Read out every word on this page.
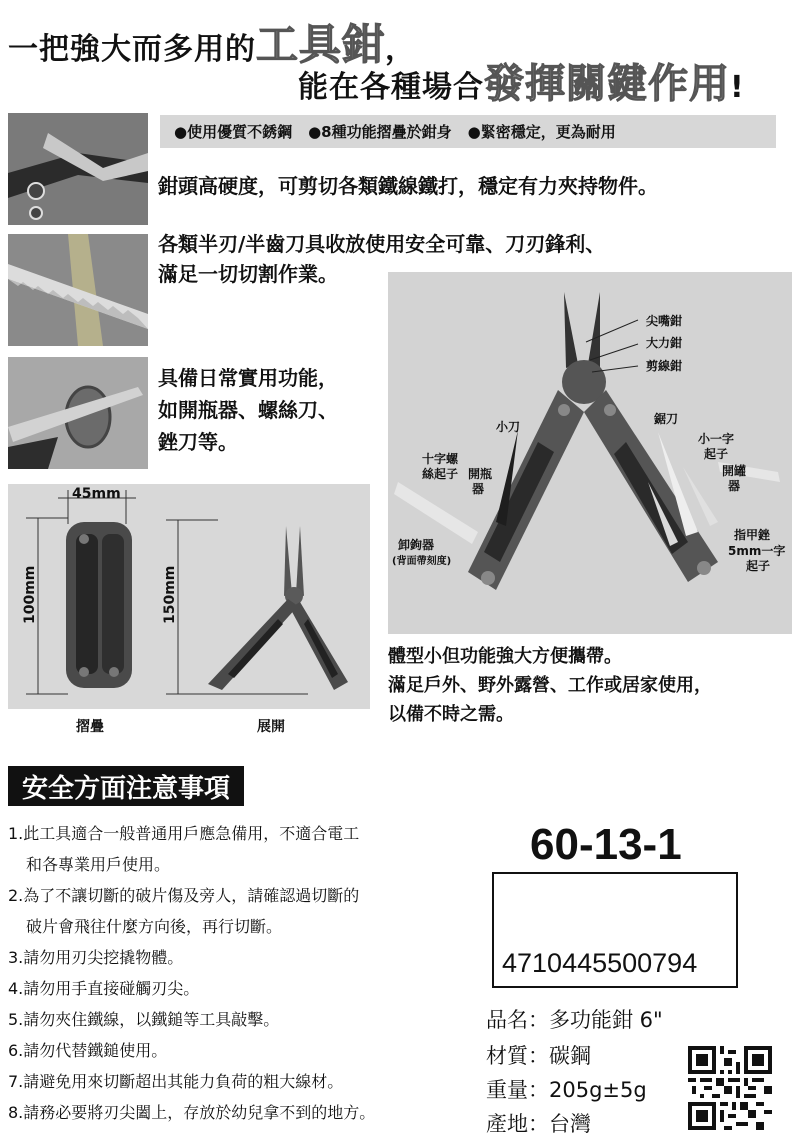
一把強大而多用的工具鉗，
能在各種場合發揮關鍵作用!
●使用優質不銹鋼 ●8種功能摺疊於鉗身 ●緊密穩定，更為耐用
鉗頭高硬度，可剪切各類鐵線鐵打，穩定有力夾持物件。
各類半刃/半齒刀具收放使用安全可靠、刀刃鋒利、
滿足一切切割作業。
具備日常實用功能，
如開瓶器、螺絲刀、
銼刀等。
45mm
100mm	150mm
摺疊	展開
尖嘴鉗
大力鉗
剪線鉗
小刀
鋸刀
小一字
起子
開罐
器
十字螺
絲起子 開瓶
器
卸鉤器
(背面帶刻度)
指甲銼
5mm一字
起子
體型小但功能強大方便攜帶。
滿足戶外、野外露營、工作或居家使用，
以備不時之需。
安全方面注意事項
1.此工具適合一般普通用戶應急備用，不適合電工
和各專業用戶使用。
2.為了不讓切斷的破片傷及旁人，請確認過切斷的
破片會飛往什麼方向後，再行切斷。
3.請勿用刃尖挖撬物體。
4.請勿用手直接碰觸刃尖。
5.請勿夾住鐵線，以鐵鎚等工具敲擊。
6.請勿代替鐵鎚使用。
7.請避免用來切斷超出其能力負荷的粗大線材。
8.請務必要將刃尖闔上，存放於幼兒拿不到的地方。
60-13-1
4710445500794
品名：多功能鉗 6"
材質：碳鋼
重量：205g±5g
產地：台灣
